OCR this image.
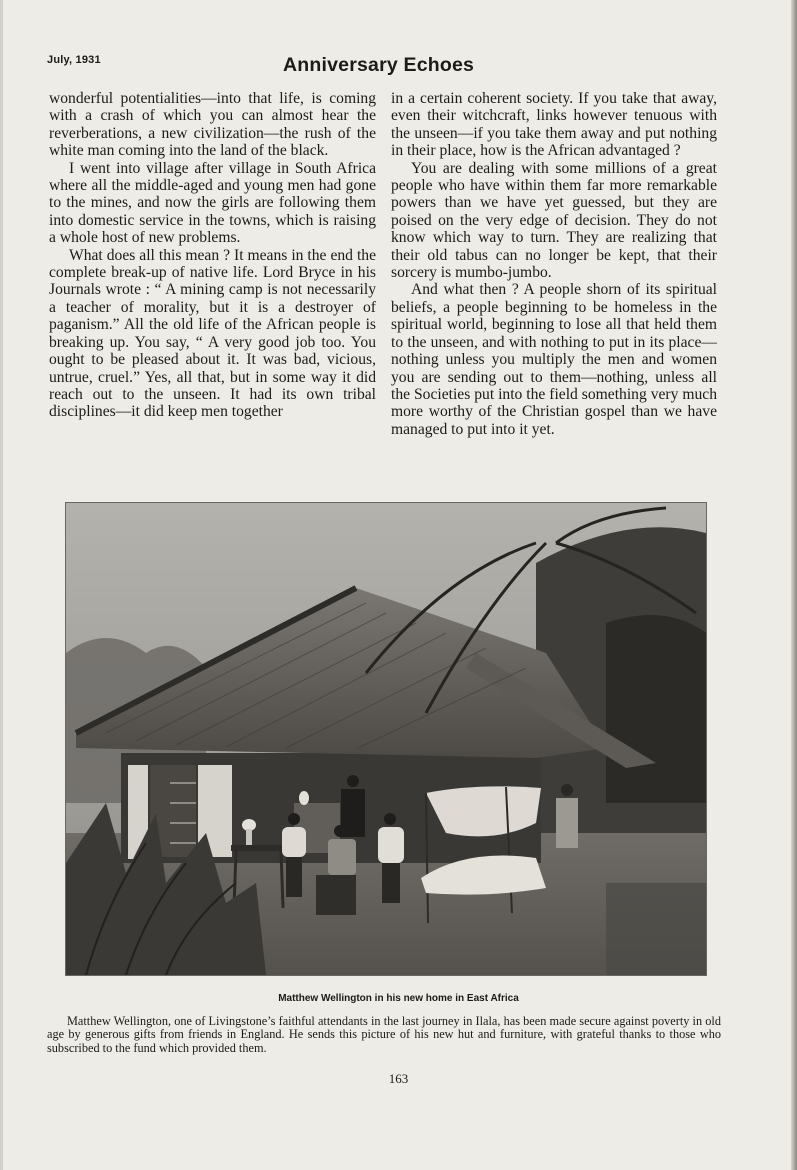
July, 1931	Anniversary Echoes

wonderful potentialities—into that life, is coming with a crash of which you can almost hear the reverberations, a new civilization—the rush of the white man coming into the land of the black.

I went into village after village in South Africa where all the middle-aged and young men had gone to the mines, and now the girls are following them into domestic service in the towns, which is raising a whole host of new problems.

What does all this mean ? It means in the end the complete break-up of native life. Lord Bryce in his Journals wrote : “ A mining camp is not necessarily a teacher of morality, but it is a destroyer of paganism.” All the old life of the African people is breaking up. You say, “ A very good job too. You ought to be pleased about it. It was bad, vicious, untrue, cruel.” Yes, all that, but in some way it did reach out to the unseen. It had its own tribal disciplines—it did keep men together

in a certain coherent society. If you take that away, even their witchcraft, links however tenuous with the unseen—if you take them away and put nothing in their place, how is the African advantaged ?

You are dealing with some millions of a great people who have within them far more remarkable powers than we have yet guessed, but they are poised on the very edge of decision. They do not know which way to turn. They are realizing that their old tabus can no longer be kept, that their sorcery is mumbo-jumbo.

And what then ? A people shorn of its spiritual beliefs, a people beginning to be homeless in the spiritual world, beginning to lose all that held them to the unseen, and with nothing to put in its place—nothing unless you multiply the men and women you are sending out to them—nothing, unless all the Societies put into the field something very much more worthy of the Christian gospel than we have managed to put into it yet.

Matthew Wellington in his new home in East Africa
Matthew Wellington, one of Livingstone’s faithful attendants in the last journey in Ilala, has been made secure against poverty in old age by generous gifts from friends in England. He sends this picture of his new hut and furniture, with grateful thanks to those who subscribed to the fund which provided them.
163
